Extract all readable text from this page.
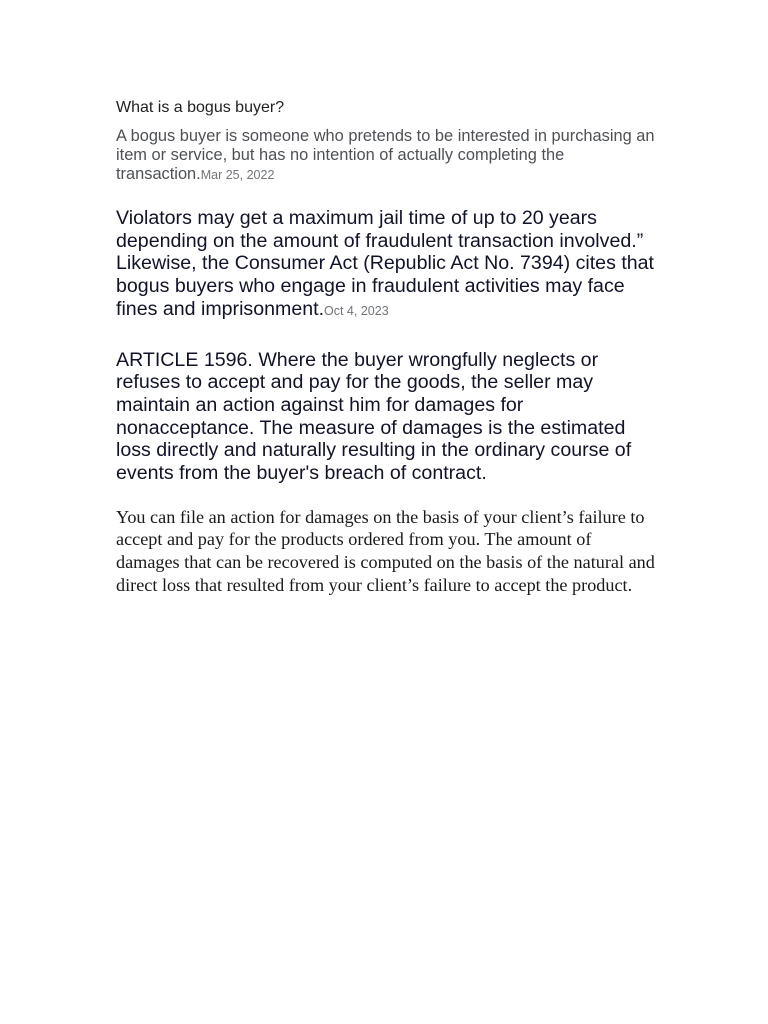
What is a bogus buyer?

A bogus buyer is someone who pretends to be interested in purchasing an item or service, but has no intention of actually completing the transaction.Mar 25, 2022

Violators may get a maximum jail time of up to 20 years depending on the amount of fraudulent transaction involved.” Likewise, the Consumer Act (Republic Act No. 7394) cites that bogus buyers who engage in fraudulent activities may face fines and imprisonment.Oct 4, 2023

ARTICLE 1596. Where the buyer wrongfully neglects or refuses to accept and pay for the goods, the seller may maintain an action against him for damages for nonacceptance. The measure of damages is the estimated loss directly and naturally resulting in the ordinary course of events from the buyer's breach of contract.

You can file an action for damages on the basis of your client’s failure to accept and pay for the products ordered from you. The amount of damages that can be recovered is computed on the basis of the natural and direct loss that resulted from your client’s failure to accept the product.
